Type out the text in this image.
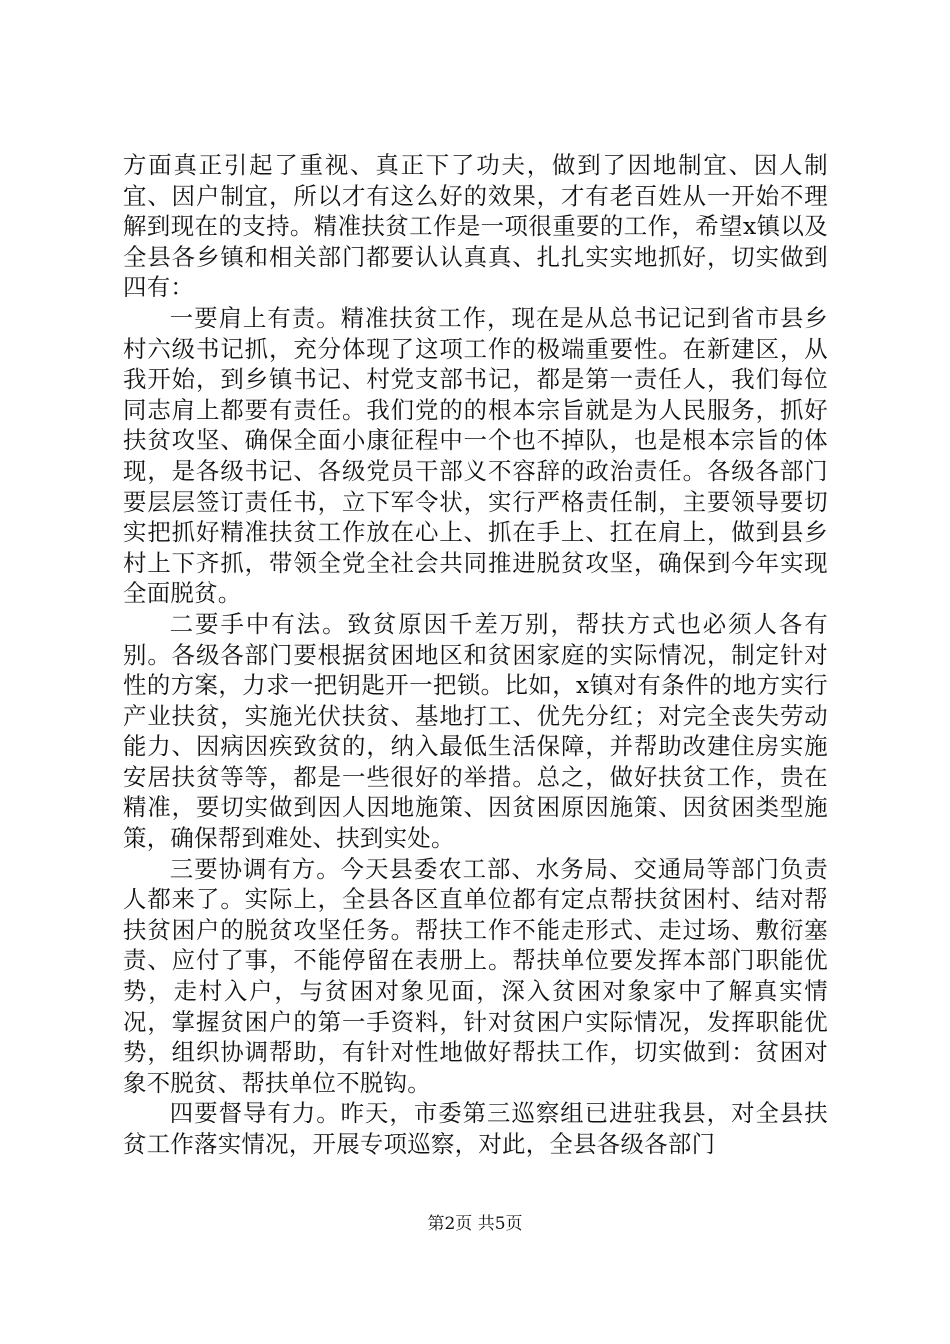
方面真正引起了重视、真正下了功夫，做到了因地制宜、因人制宜、因户制宜，所以才有这么好的效果，才有老百姓从一开始不理解到现在的支持。精准扶贫工作是一项很重要的工作，希望x镇以及全县各乡镇和相关部门都要认认真真、扎扎实实地抓好，切实做到四有：

一要肩上有责。精准扶贫工作，现在是从总书记记到省市县乡村六级书记抓，充分体现了这项工作的极端重要性。在新建区，从我开始，到乡镇书记、村党支部书记，都是第一责任人，我们每位同志肩上都要有责任。我们党的的根本宗旨就是为人民服务，抓好扶贫攻坚、确保全面小康征程中一个也不掉队，也是根本宗旨的体现，是各级书记、各级党员干部义不容辞的政治责任。各级各部门要层层签订责任书，立下军令状，实行严格责任制，主要领导要切实把抓好精准扶贫工作放在心上、抓在手上、扛在肩上，做到县乡村上下齐抓，带领全党全社会共同推进脱贫攻坚，确保到今年实现全面脱贫。

二要手中有法。致贫原因千差万别，帮扶方式也必须人各有别。各级各部门要根据贫困地区和贫困家庭的实际情况，制定针对性的方案，力求一把钥匙开一把锁。比如，x镇对有条件的地方实行产业扶贫，实施光伏扶贫、基地打工、优先分红；对完全丧失劳动能力、因病因疾致贫的，纳入最低生活保障，并帮助改建住房实施安居扶贫等等，都是一些很好的举措。总之，做好扶贫工作，贵在精准，要切实做到因人因地施策、因贫困原因施策、因贫困类型施策，确保帮到难处、扶到实处。

三要协调有方。今天县委农工部、水务局、交通局等部门负责人都来了。实际上，全县各区直单位都有定点帮扶贫困村、结对帮扶贫困户的脱贫攻坚任务。帮扶工作不能走形式、走过场、敷衍塞责、应付了事，不能停留在表册上。帮扶单位要发挥本部门职能优势，走村入户，与贫困对象见面，深入贫困对象家中了解真实情况，掌握贫困户的第一手资料，针对贫困户实际情况，发挥职能优势，组织协调帮助，有针对性地做好帮扶工作，切实做到：贫困对象不脱贫、帮扶单位不脱钩。

四要督导有力。昨天，市委第三巡察组已进驻我县，对全县扶贫工作落实情况，开展专项巡察，对此，全县各级各部门

第2页 共5页
